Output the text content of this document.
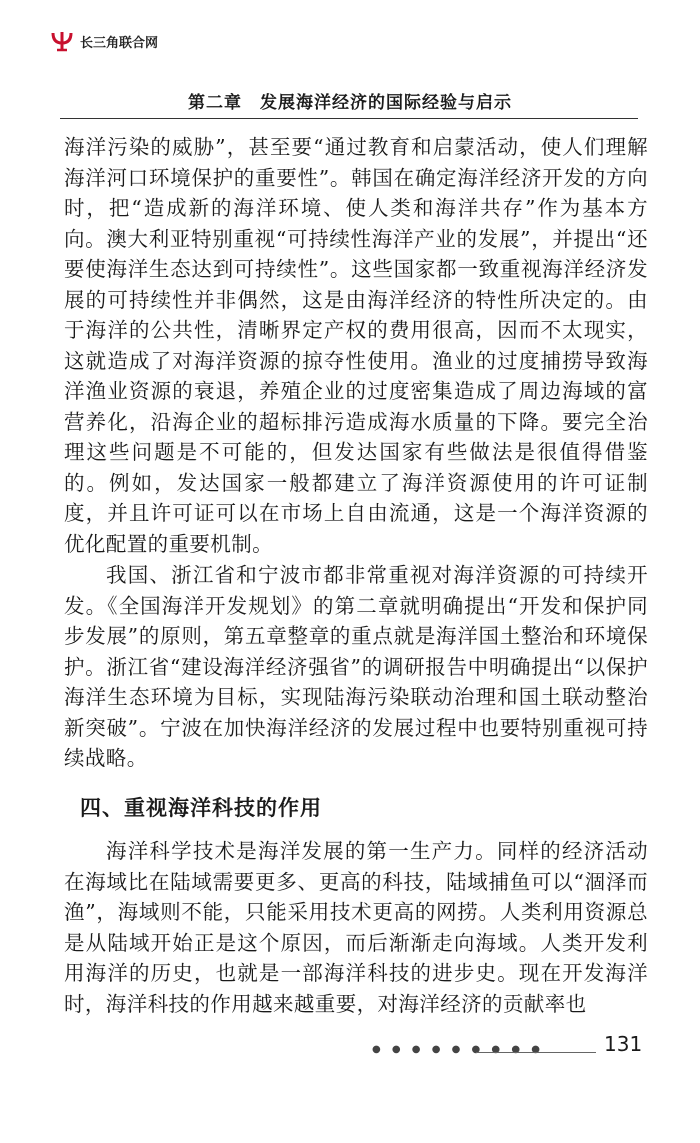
长三角联合网
第二章 发展海洋经济的国际经验与启示

海洋污染的威胁”，甚至要“通过教育和启蒙活动，使人们理解海洋河口环境保护的重要性”。韩国在确定海洋经济开发的方向时，把“造成新的海洋环境、使人类和海洋共存”作为基本方向。澳大利亚特别重视“可持续性海洋产业的发展”，并提出“还要使海洋生态达到可持续性”。这些国家都一致重视海洋经济发展的可持续性并非偶然，这是由海洋经济的特性所决定的。由于海洋的公共性，清晰界定产权的费用很高，因而不太现实，这就造成了对海洋资源的掠夺性使用。渔业的过度捕捞导致海洋渔业资源的衰退，养殖企业的过度密集造成了周边海域的富营养化，沿海企业的超标排污造成海水质量的下降。要完全治理这些问题是不可能的，但发达国家有些做法是很值得借鉴的。例如，发达国家一般都建立了海洋资源使用的许可证制度，并且许可证可以在市场上自由流通，这是一个海洋资源的优化配置的重要机制。

我国、浙江省和宁波市都非常重视对海洋资源的可持续开发。《全国海洋开发规划》的第二章就明确提出“开发和保护同步发展”的原则，第五章整章的重点就是海洋国土整治和环境保护。浙江省“建设海洋经济强省”的调研报告中明确提出“以保护海洋生态环境为目标，实现陆海污染联动治理和国土联动整治新突破”。宁波在加快海洋经济的发展过程中也要特别重视可持续战略。

四、重视海洋科技的作用

海洋科学技术是海洋发展的第一生产力。同样的经济活动在海域比在陆域需要更多、更高的科技，陆域捕鱼可以“涸泽而渔”，海域则不能，只能采用技术更高的网捞。人类利用资源总是从陆域开始正是这个原因，而后渐渐走向海域。人类开发利用海洋的历史，也就是一部海洋科技的进步史。现在开发海洋时，海洋科技的作用越来越重要，对海洋经济的贡献率也

● ● ● ● ● ● ● ● ●	131
